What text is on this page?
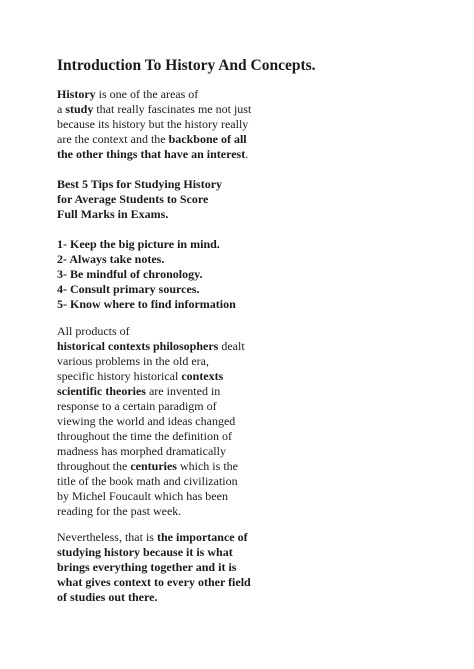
Introduction To History And Concepts.

History is one of the areas of
a study that really fascinates me not just
because its history but the history really
are the context and the backbone of all
the other things that have an interest.

Best 5 Tips for Studying History
for Average Students to Score
Full Marks in Exams.

1- Keep the big picture in mind.
2- Always take notes.
3- Be mindful of chronology.
4- Consult primary sources.
5- Know where to find information

All products of
historical contexts philosophers dealt
various problems in the old era,
specific history historical contexts
scientific theories are invented in
response to a certain paradigm of
viewing the world and ideas changed
throughout the time the definition of
madness has morphed dramatically
throughout the centuries which is the
title of the book math and civilization
by Michel Foucault which has been
reading for the past week.

Nevertheless, that is the importance of
studying history because it is what
brings everything together and it is
what gives context to every other field
of studies out there.
